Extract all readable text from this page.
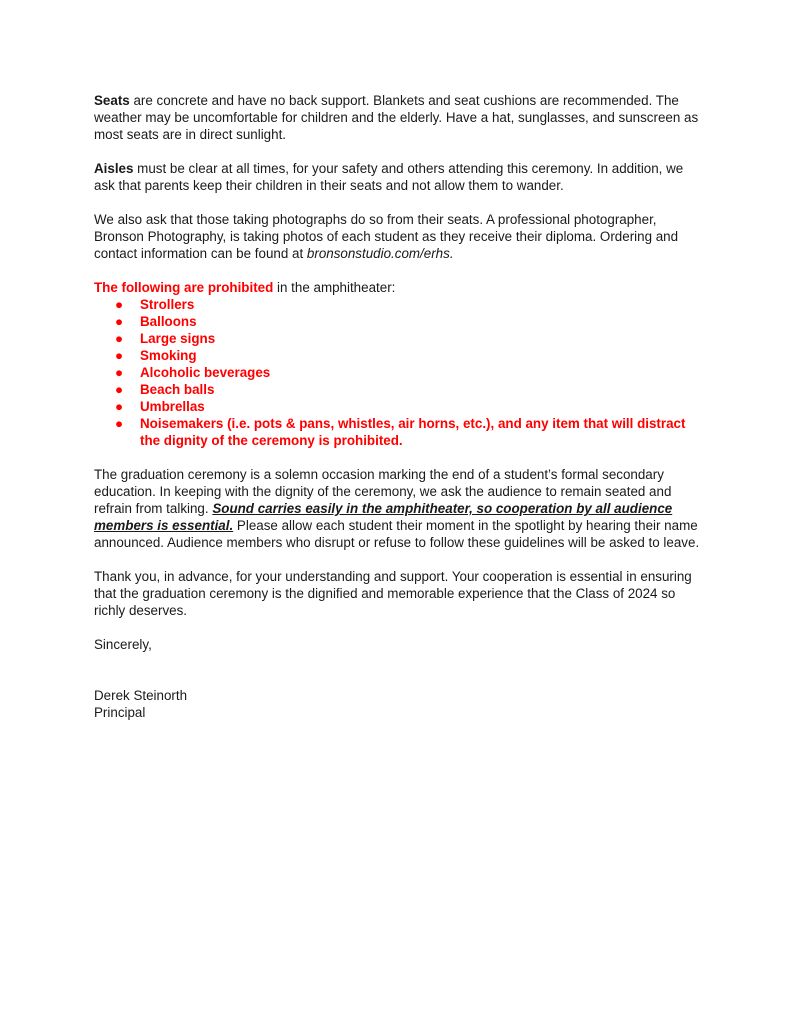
Seats are concrete and have no back support. Blankets and seat cushions are recommended. The weather may be uncomfortable for children and the elderly. Have a hat, sunglasses, and sunscreen as most seats are in direct sunlight.

Aisles must be clear at all times, for your safety and others attending this ceremony. In addition, we ask that parents keep their children in their seats and not allow them to wander.

We also ask that those taking photographs do so from their seats. A professional photographer, Bronson Photography, is taking photos of each student as they receive their diploma. Ordering and contact information can be found at bronsonstudio.com/erhs.

The following are prohibited in the amphitheater:

● Strollers
● Balloons
● Large signs
● Smoking
● Alcoholic beverages
● Beach balls
● Umbrellas
● Noisemakers (i.e. pots & pans, whistles, air horns, etc.), and any item that will distract the dignity of the ceremony is prohibited.

The graduation ceremony is a solemn occasion marking the end of a student’s formal secondary education. In keeping with the dignity of the ceremony, we ask the audience to remain seated and refrain from talking. Sound carries easily in the amphitheater, so cooperation by all audience members is essential. Please allow each student their moment in the spotlight by hearing their name announced. Audience members who disrupt or refuse to follow these guidelines will be asked to leave.

Thank you, in advance, for your understanding and support. Your cooperation is essential in ensuring that the graduation ceremony is the dignified and memorable experience that the Class of 2024 so richly deserves.

Sincerely,

Derek Steinorth

Principal
